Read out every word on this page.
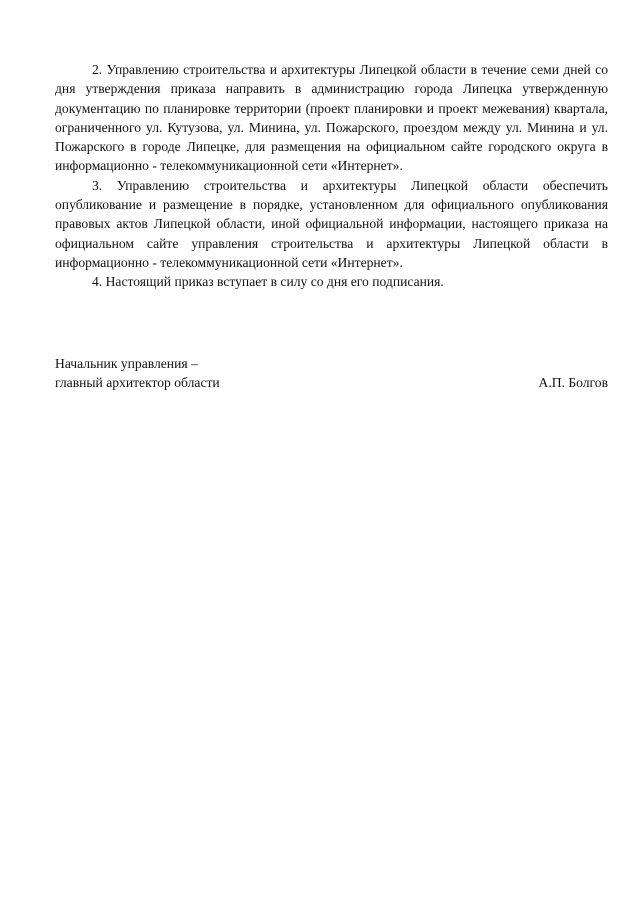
2. Управлению строительства и архитектуры Липецкой области в течение семи дней со дня утверждения приказа направить в администрацию города Липецка утвержденную документацию по планировке территории (проект планировки и проект межевания) квартала, ограниченного ул. Кутузова, ул. Минина, ул. Пожарского, проездом между ул. Минина и ул. Пожарского в городе Липецке, для размещения на официальном сайте городского округа в информационно - телекоммуникационной сети «Интернет».

3. Управлению строительства и архитектуры Липецкой области обеспечить опубликование и размещение в порядке, установленном для официального опубликования правовых актов Липецкой области, иной официальной информации, настоящего приказа на официальном сайте управления строительства и архитектуры Липецкой области в информационно - телекоммуникационной сети «Интернет».

4. Настоящий приказ вступает в силу со дня его подписания.

Начальник управления –
главный архитектор области	А.П. Болгов
